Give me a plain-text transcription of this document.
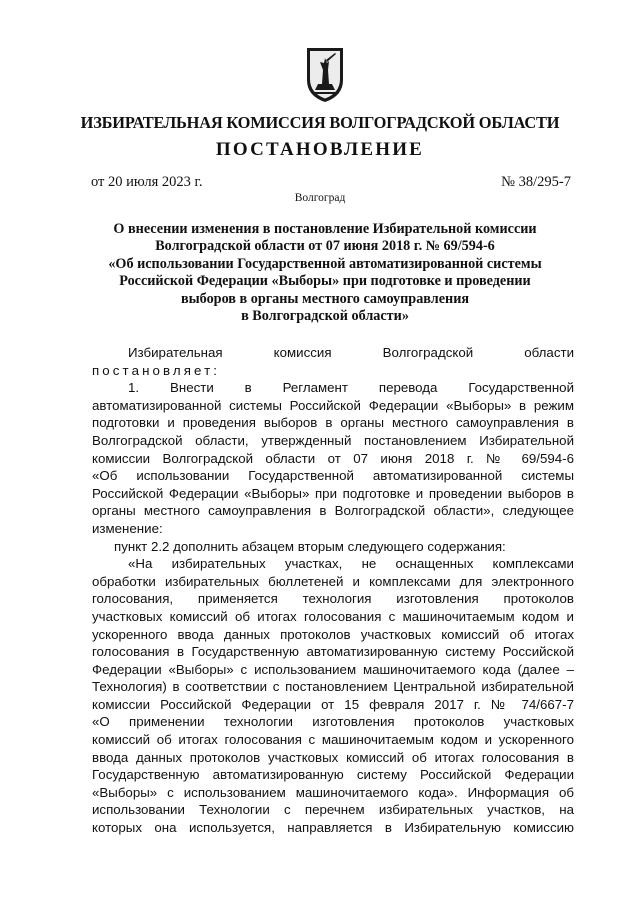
ИЗБИРАТЕЛЬНАЯ КОМИССИЯ ВОЛГОГРАДСКОЙ ОБЛАСТИ
ПОСТАНОВЛЕНИЕ
от 20 июля 2023 г.	№ 38/295-7
Волгоград
О внесении изменения в постановление Избирательной комиссии
Волгоградской области от 07 июня 2018 г. № 69/594-6
«Об использовании Государственной автоматизированной системы
Российской Федерации «Выборы» при подготовке и проведении
выборов в органы местного самоуправления
в Волгоградской области»
Избирательная комиссия Волгоградской области
постановляет:
1. Внести в Регламент перевода Государственной
автоматизированной системы Российской Федерации «Выборы» в режим
подготовки и проведения выборов в органы местного самоуправления в
Волгоградской области, утвержденный постановлением Избирательной
комиссии Волгоградской области от 07 июня 2018 г. № 69/594-6
«Об использовании Государственной автоматизированной системы
Российской Федерации «Выборы» при подготовке и проведении выборов в
органы местного самоуправления в Волгоградской области», следующее
изменение:
пункт 2.2 дополнить абзацем вторым следующего содержания:
«На избирательных участках, не оснащенных комплексами
обработки избирательных бюллетеней и комплексами для электронного
голосования, применяется технология изготовления протоколов
участковых комиссий об итогах голосования с машиночитаемым кодом и
ускоренного ввода данных протоколов участковых комиссий об итогах
голосования в Государственную автоматизированную систему Российской
Федерации «Выборы» с использованием машиночитаемого кода (далее –
Технология) в соответствии с постановлением Центральной избирательной
комиссии Российской Федерации от 15 февраля 2017 г. № 74/667-7
«О применении технологии изготовления протоколов участковых
комиссий об итогах голосования с машиночитаемым кодом и ускоренного
ввода данных протоколов участковых комиссий об итогах голосования в
Государственную автоматизированную систему Российской Федерации
«Выборы» с использованием машиночитаемого кода». Информация об
использовании Технологии с перечнем избирательных участков, на
которых она используется, направляется в Избирательную комиссию
